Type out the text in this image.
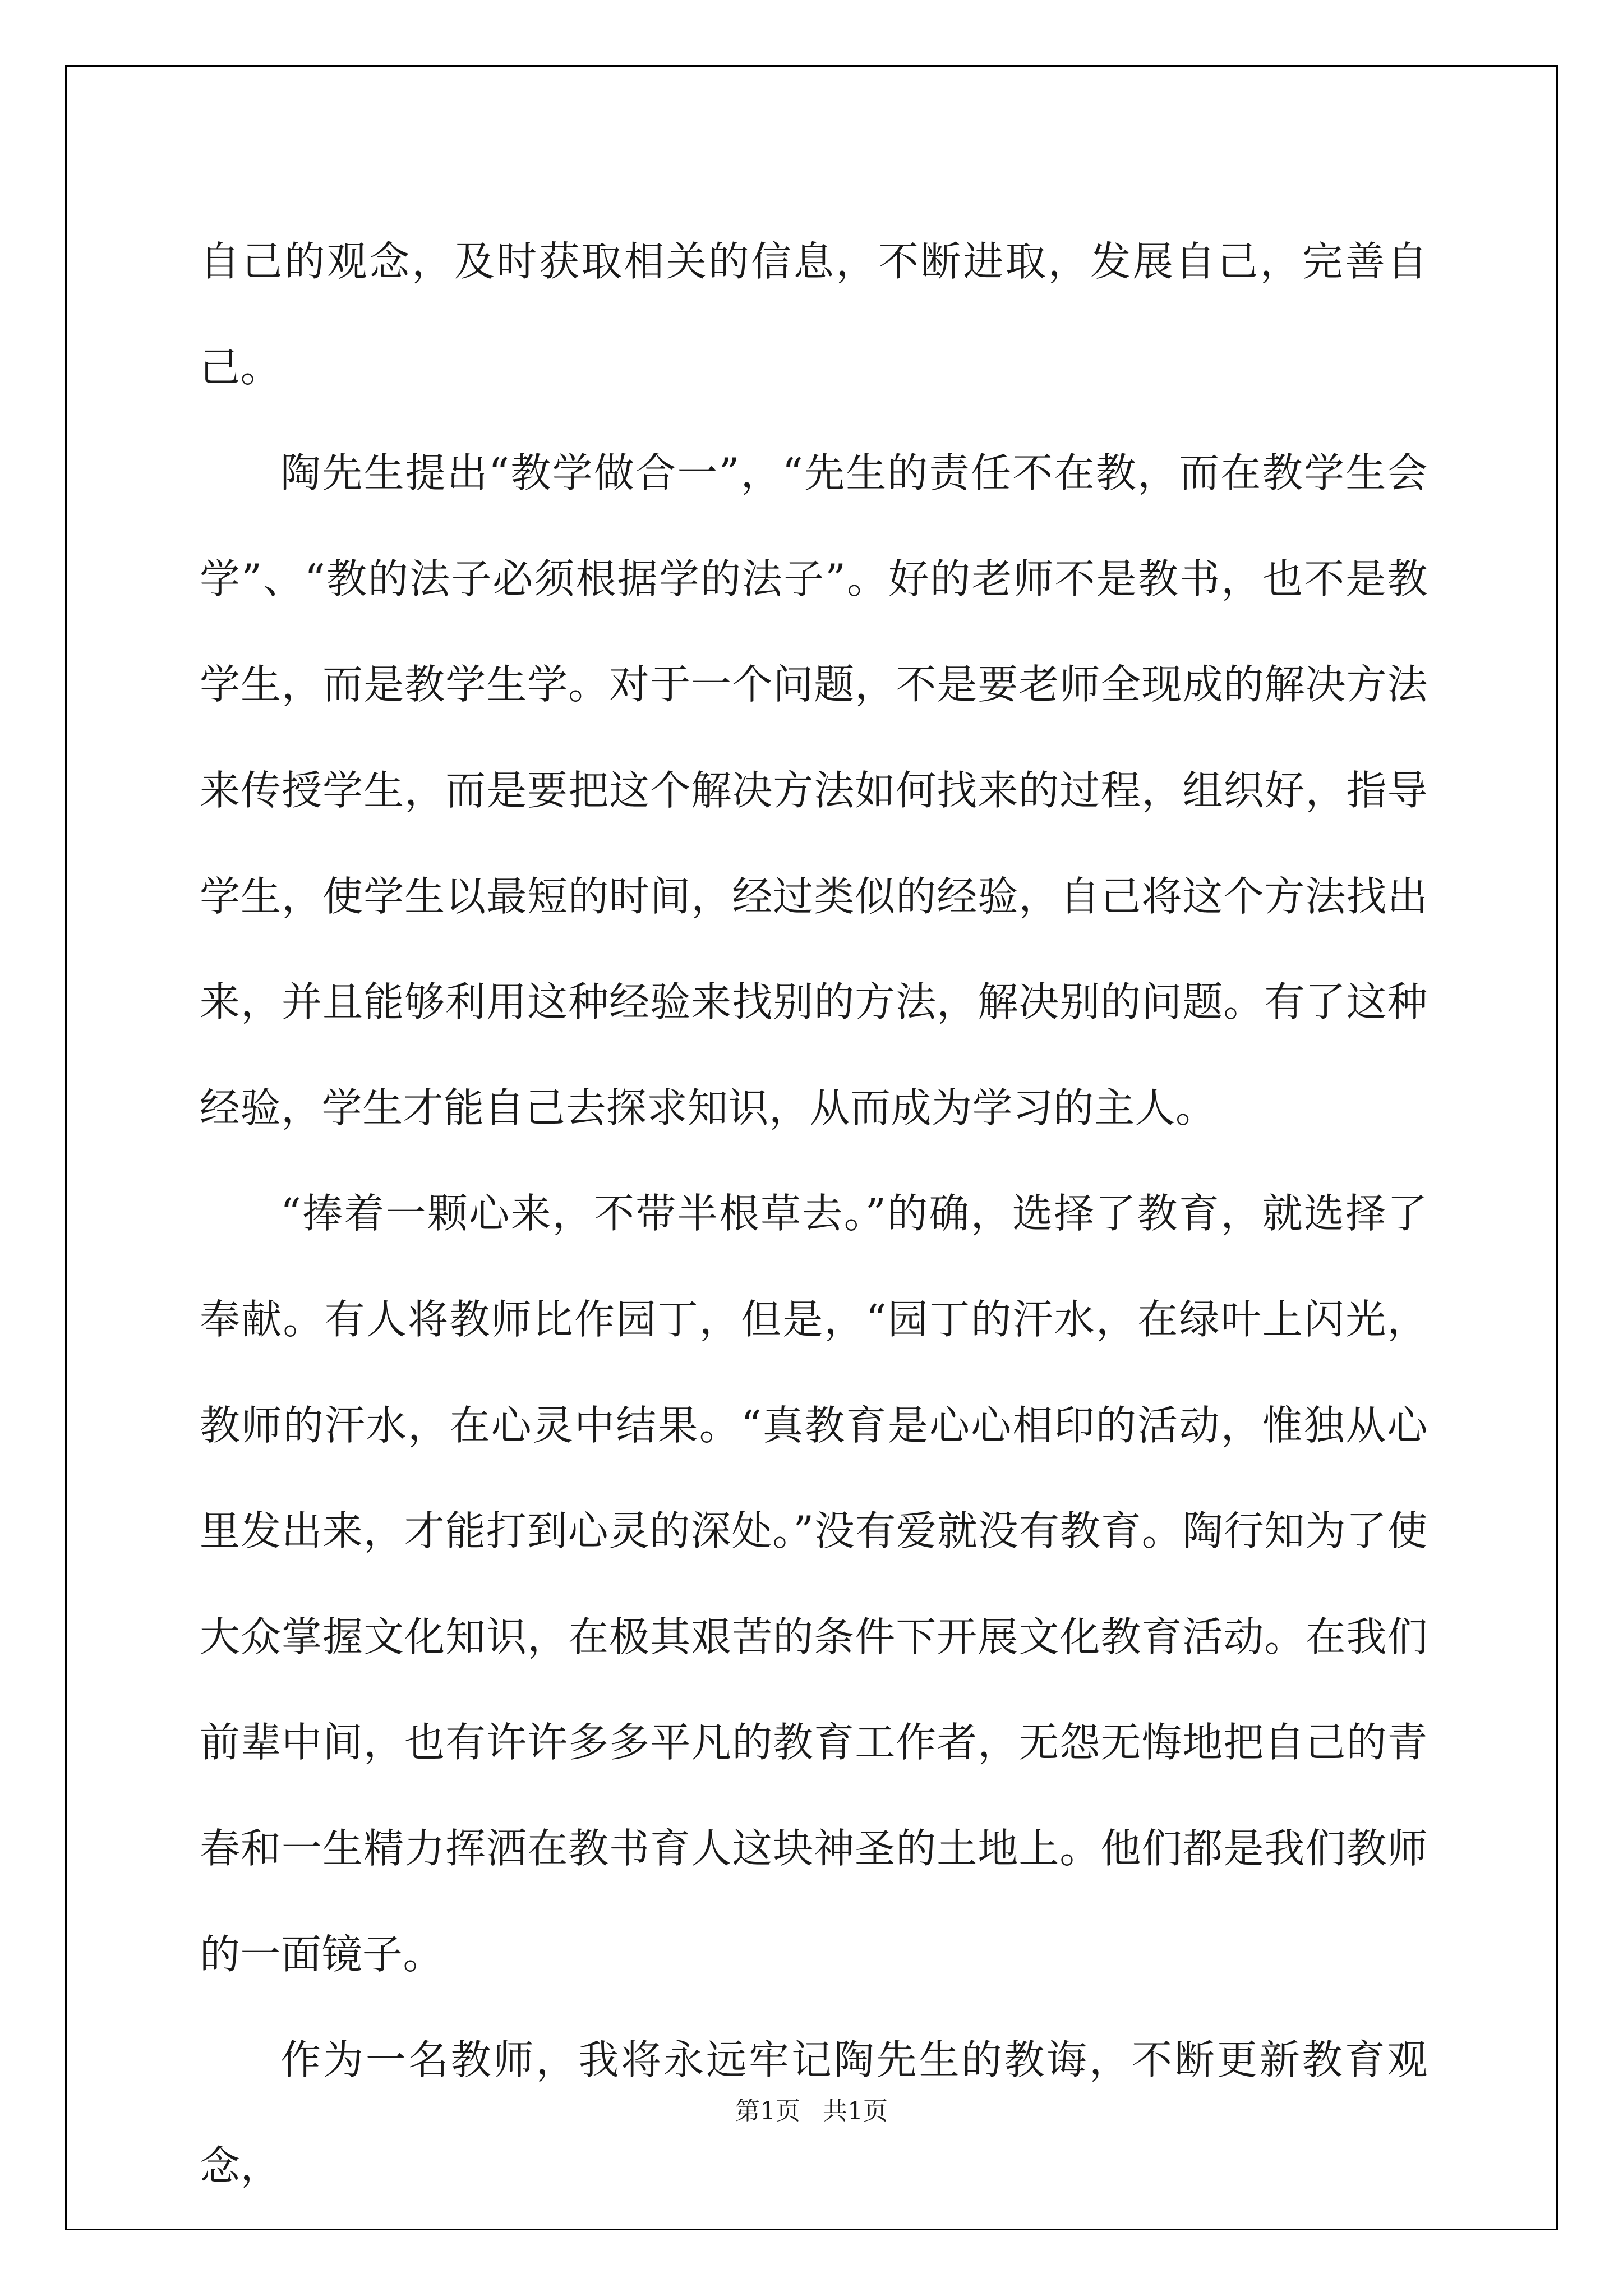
自己的观念，及时获取相关的信息，不断进取，发展自己，完善自己。

陶先生提出“教学做合一”，“先生的责任不在教，而在教学生会学”、“教的法子必须根据学的法子”。好的老师不是教书，也不是教学生，而是教学生学。对于一个问题，不是要老师全现成的解决方法来传授学生，而是要把这个解决方法如何找来的过程，组织好，指导学生，使学生以最短的时间，经过类似的经验，自己将这个方法找出来，并且能够利用这种经验来找别的方法，解决别的问题。有了这种经验，学生才能自己去探求知识，从而成为学习的主人。

“捧着一颗心来，不带半根草去。”的确，选择了教育，就选择了奉献。有人将教师比作园丁，但是，“园丁的汗水，在绿叶上闪光，教师的汗水，在心灵中结果。“真教育是心心相印的活动，惟独从心里发出来，才能打到心灵的深处。”没有爱就没有教育。陶行知为了使大众掌握文化知识，在极其艰苦的条件下开展文化教育活动。在我们前辈中间，也有许许多多平凡的教育工作者，无怨无悔地把自己的青春和一生精力挥洒在教书育人这块神圣的土地上。他们都是我们教师的一面镜子。

作为一名教师，我将永远牢记陶先生的教诲，不断更新教育观念，

第1页 共1页
